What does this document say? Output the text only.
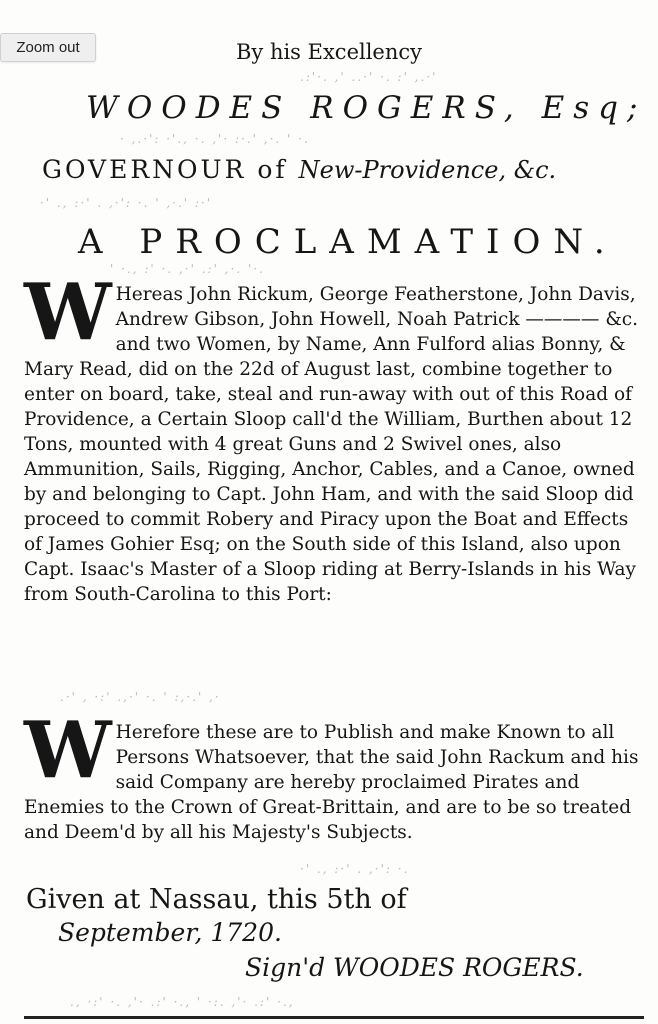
Zoom out
.:'·. ,' ..·' ·. :' ,.·'
· ,.·': ·'., ·. ,'· :·.' ,·. ' ·.
·' ., :·' . ,·': ·. ' ,·.' :·'
' ·., :' ·. ,·' .:' ,·. '·.
.·' , ·:' .,·' ·. ' :,·.' ,·
·' ., :·' . ,·': ·.
., ·:' ·. ,'· .:' ·., ' ·:. ,'· .:' ·.,
By his Excellency
WOODES ROGERS, Esq;
GOVERNOUR of New-Providence, &c.
A PROCLAMATION.
W Hereas John Rickum, George Featherstone, John Davis, Andrew Gibson, John Howell, Noah Patrick ———— &c. and two Women, by Name, Ann Fulford alias Bonny, & Mary Read, did on the 22d of August last, combine together to enter on board, take, steal and run-away with out of this Road of Providence, a Certain Sloop call'd the William, Burthen about 12 Tons, mounted with 4 great Guns and 2 Swivel ones, also Ammunition, Sails, Rigging, Anchor, Cables, and a Canoe, owned by and belonging to Capt. John Ham, and with the said Sloop did proceed to commit Robery and Piracy upon the Boat and Effects of James Gohier Esq; on the South side of this Island, also upon Capt. Isaac's Master of a Sloop riding at Berry-Islands in his Way from South-Carolina to this Port:
W Herefore these are to Publish and make Known to all Persons Whatsoever, that the said John Rackum and his said Company are hereby proclaimed Pirates and Enemies to the Crown of Great-Brittain, and are to be so treated and Deem'd by all his Majesty's Subjects.
Given at Nassau, this 5th of
September, 1720.
Sign'd WOODES ROGERS.
